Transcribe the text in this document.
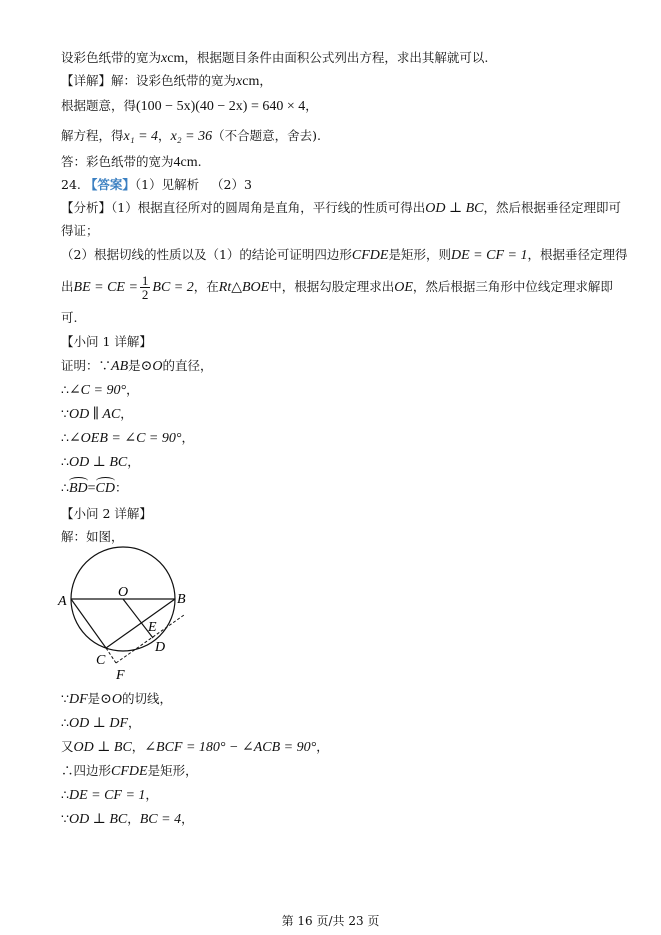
设彩色纸带的宽为xcm，根据题目条件由面积公式列出方程，求出其解就可以.
【详解】解：设彩色纸带的宽为xcm，
根据题意，得(100 − 5x)(40 − 2x) = 640 × 4，
解方程，得x₁ = 4，x₂ = 36（不合题意，舍去).
答：彩色纸带的宽为4cm.
24. 【答案】（1）见解析 （2）3
【分析】（1）根据直径所对的圆周角是直角，平行线的性质可得出OD ⊥ BC，然后根据垂径定理即可
得证；
（2）根据切线的性质以及（1）的结论可证明四边形CFDE是矩形，则DE = CF = 1，根据垂径定理得
出BE = CE = $\frac{1}{2}$ BC = 2，在Rt△BOE中，根据勾股定理求出OE，然后根据三角形中位线定理求解即
可.
【小问 1 详解】
证明：∵AB是⊙O的直径，
∴∠C = 90°，
∵OD ∥ AC，
∴∠OEB = ∠C = 90°，
∴OD ⊥ BC，
∴BD=CD：
【小问 2 详解】
解：如图，
A	B
O
E
C
D
F
∵DF是⊙O的切线，
∴OD ⊥ DF，
又OD ⊥ BC，∠BCF = 180° − ∠ACB = 90°，
∴四边形CFDE是矩形，
∴DE = CF = 1，
∵OD ⊥ BC，BC = 4，
第 16 页/共 23 页
